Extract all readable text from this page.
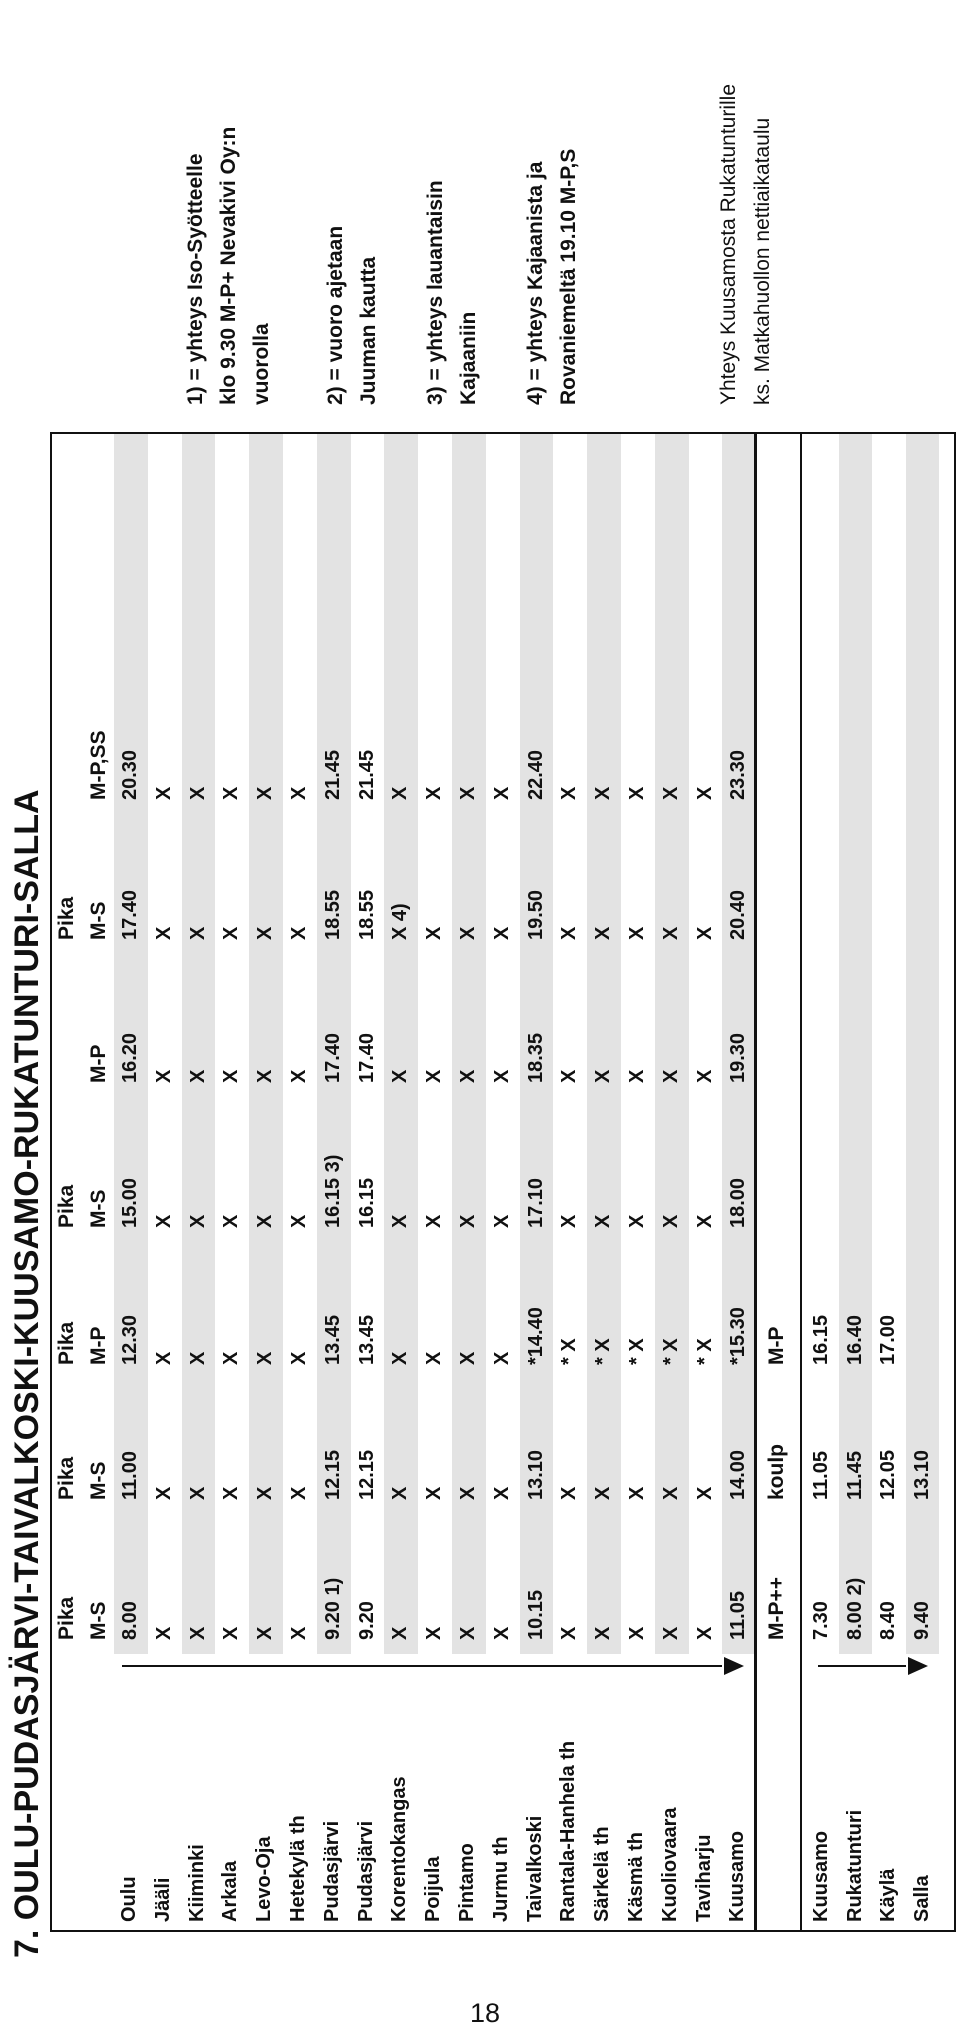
18
7. OULU-PUDASJÄRVI-TAIVALKOSKI-KUUSAMO-RUKATUNTURI-SALLA	Oulu Jääli Kiiminki Arkala Levo-Oja Hetekylä th Pudasjärvi Pudasjärvi Korentokangas Poijula Pintamo Jurmu th Taivalkoski Rantala-Hanhela th Särkelä th Käsmä th Kuoliovaara Taviharju Kuusamo
Pika
Pika
Pika
Pika
Pika
M-S
M-S
M-P
M-S
M-P
M-S
M-P,SS
8.00
11.00
12.30
15.00
16.20
17.40
20.30
X
X
X
X
X
X
X
X
X
X
X
X
X
X
X
X
X
X
X
X
X
X
X
X
X
X
X
X
X
X
X
X
X
X
X
9.20 1)
12.15
13.45
16.15 3)
17.40
18.55
21.45
9.20
12.15
13.45
16.15
17.40
18.55
21.45
X
X
X
X
X
X 4)
X
X
X
X
X
X
X
X
X
X
X
X
X
X
X
X
X
X
X
X
X
X
10.15
13.10
*14.40
17.10
18.35
19.50
22.40
X
X
* X
X
X
X
X
X
X
* X
X
X
X
X
X
X
* X
X
X
X
X
X
X
* X
X
X
X
X
X
X
* X
X
X
X
X
11.05
14.00
*15.30
18.00
19.30
20.40
23.30
M-P++
koulp
M-P
Kuusamo Rukatunturi Käylä Salla
7.30
11.05
16.15
8.00 2)
11.45
16.40
8.40
12.05
17.00
9.40
13.10
1) = yhteys Iso-Syötteelle klo 9.30 M-P+ Nevakivi Oy:n vuorolla 2) = vuoro ajetaan Juuman kautta 3) = yhteys lauantaisin Kajaaniin 4) = yhteys Kajaanista ja Rovaniemeltä 19.10 M-P,S	Yhteys Kuusamosta Rukatunturille ks. Matkahuollon nettiaikataulu
